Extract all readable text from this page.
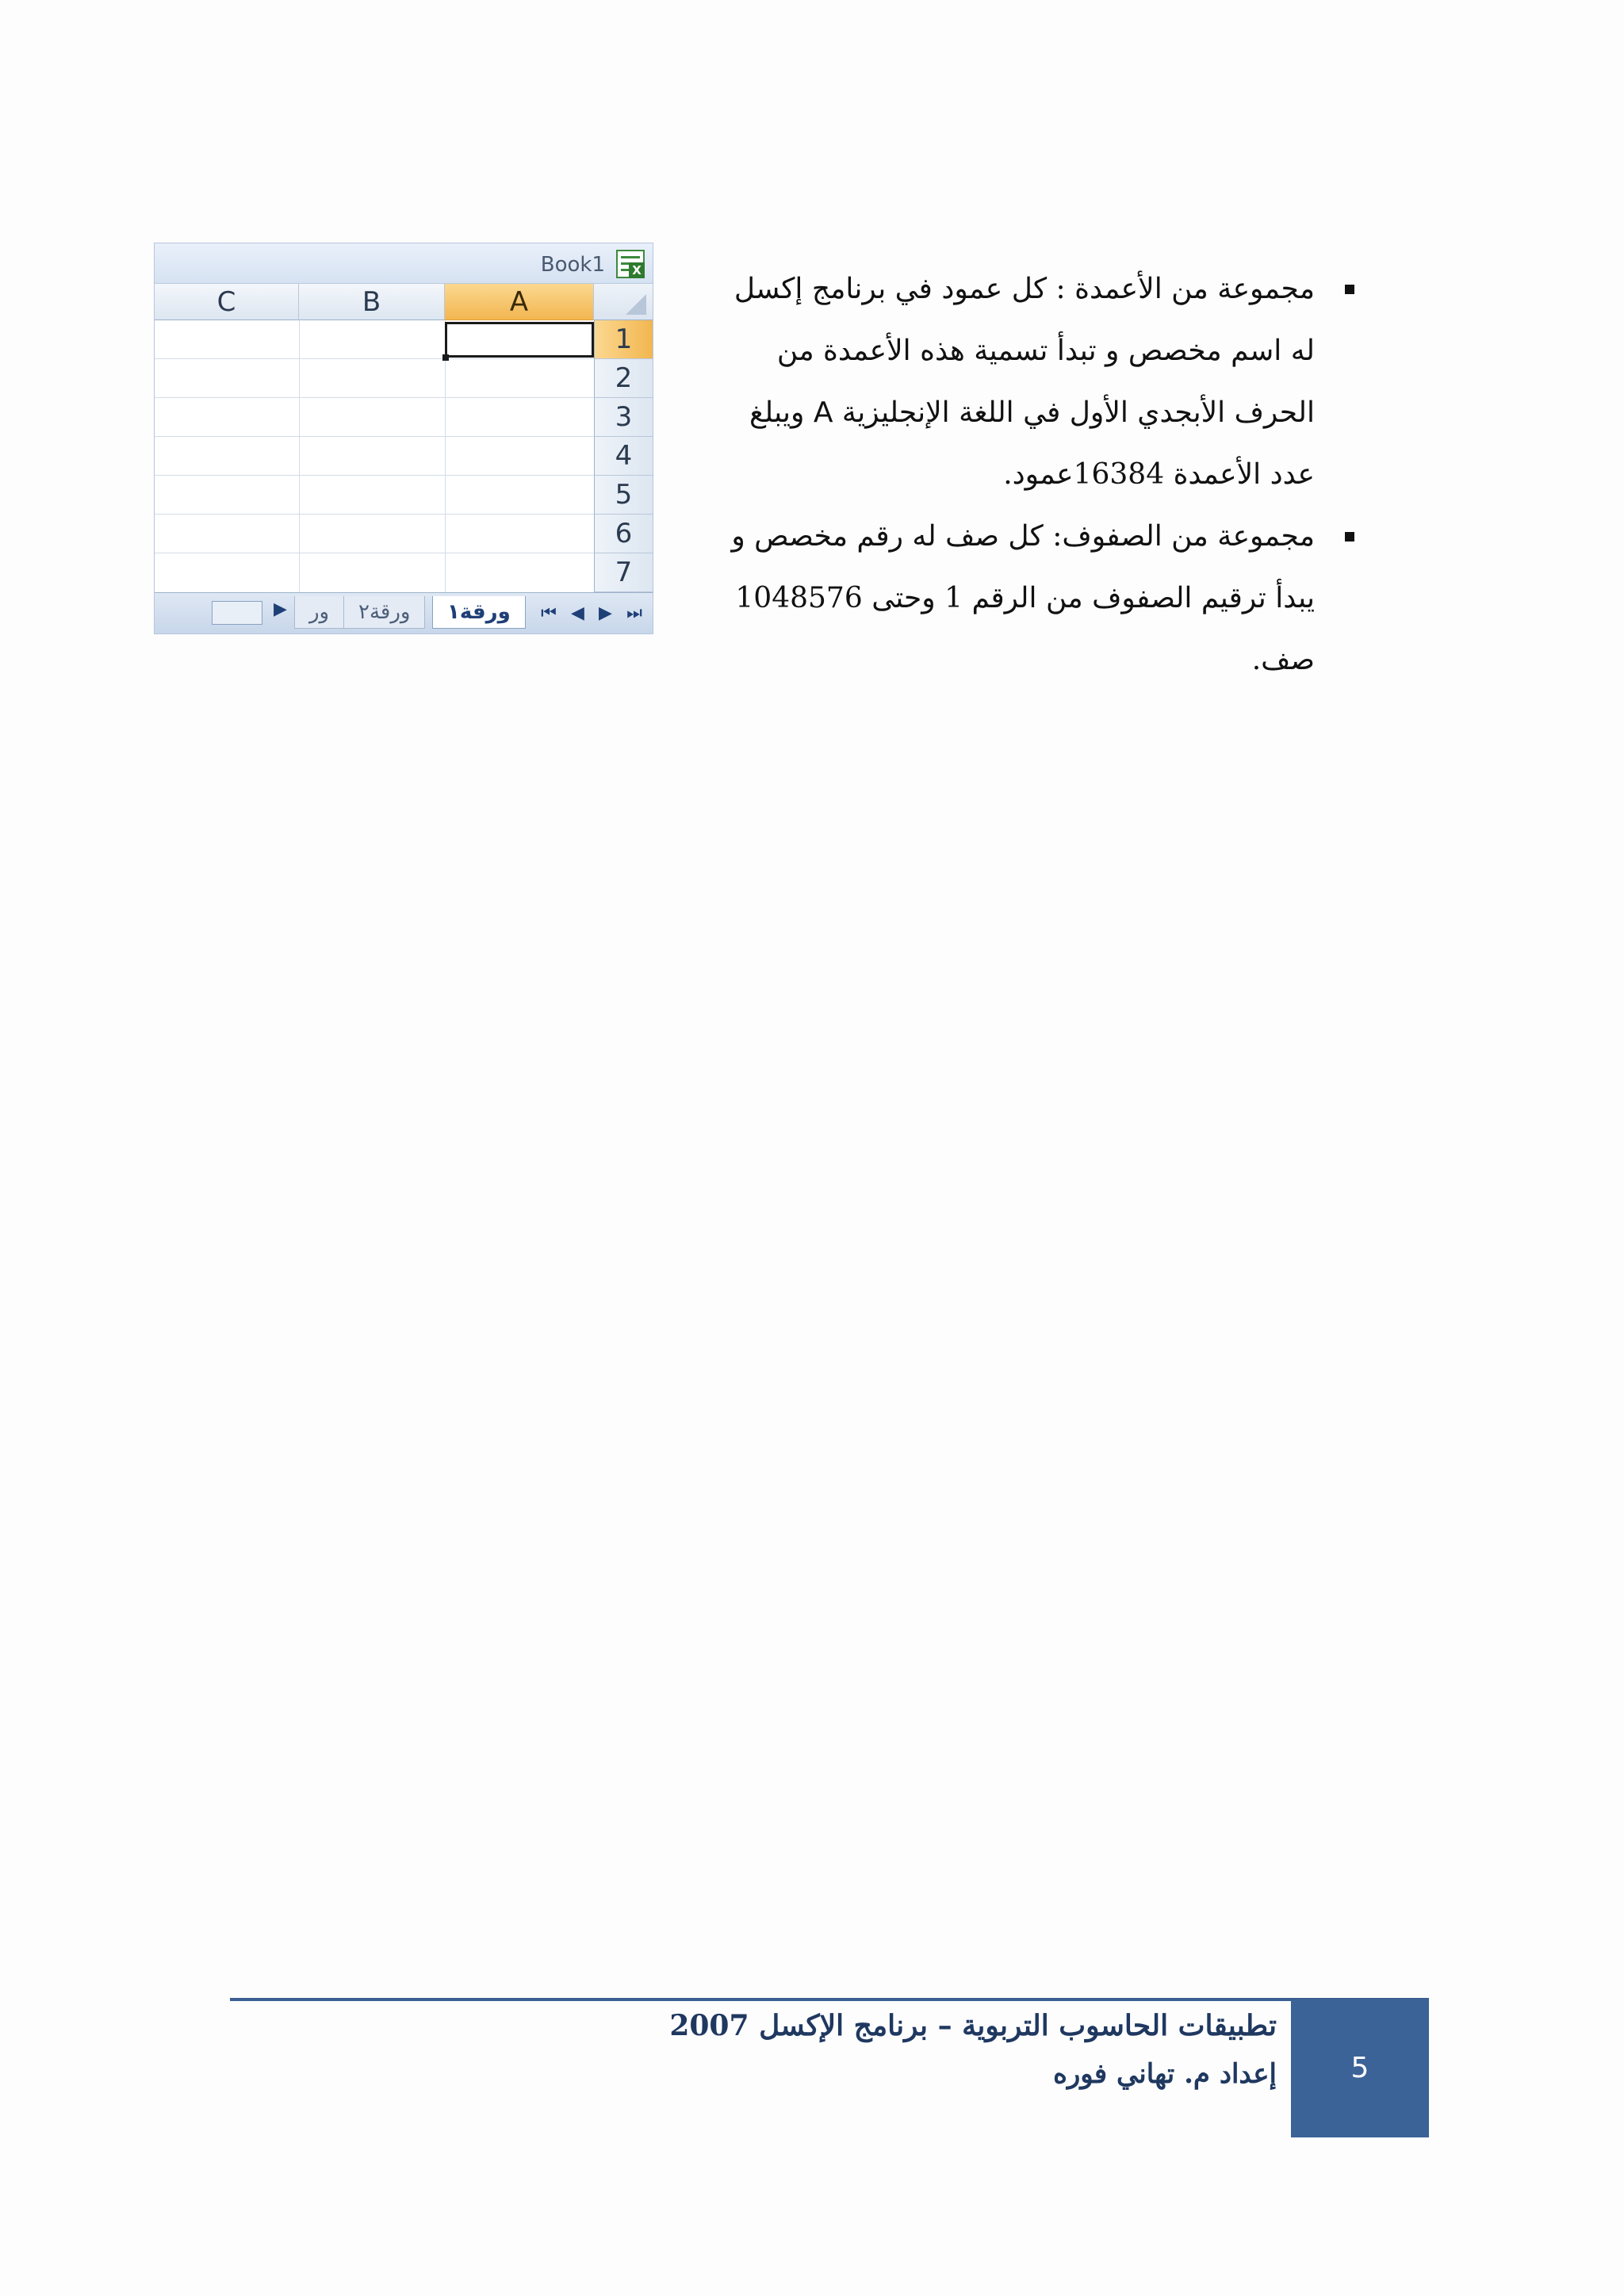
Book1 X
C	B	A
1
2
3
4
5
6
7
▶	ور	ورقة٢	ورقة١	⏮ ◀ ▶ ⏭
مجموعة من الأعمدة : كل عمود في برنامج إكسل له اسم مخصص و تبدأ تسمية هذه الأعمدة من الحرف الأبجدي الأول في اللغة الإنجليزية A ويبلغ عدد الأعمدة 16384عمود.
مجموعة من الصفوف: كل صف له رقم مخصص و يبدأ ترقيم الصفوف من الرقم 1 وحتى 1048576 صف.
تطبيقات الحاسوب التربوية – برنامج الإكسل 2007
إعداد م. تهاني فوره	5
